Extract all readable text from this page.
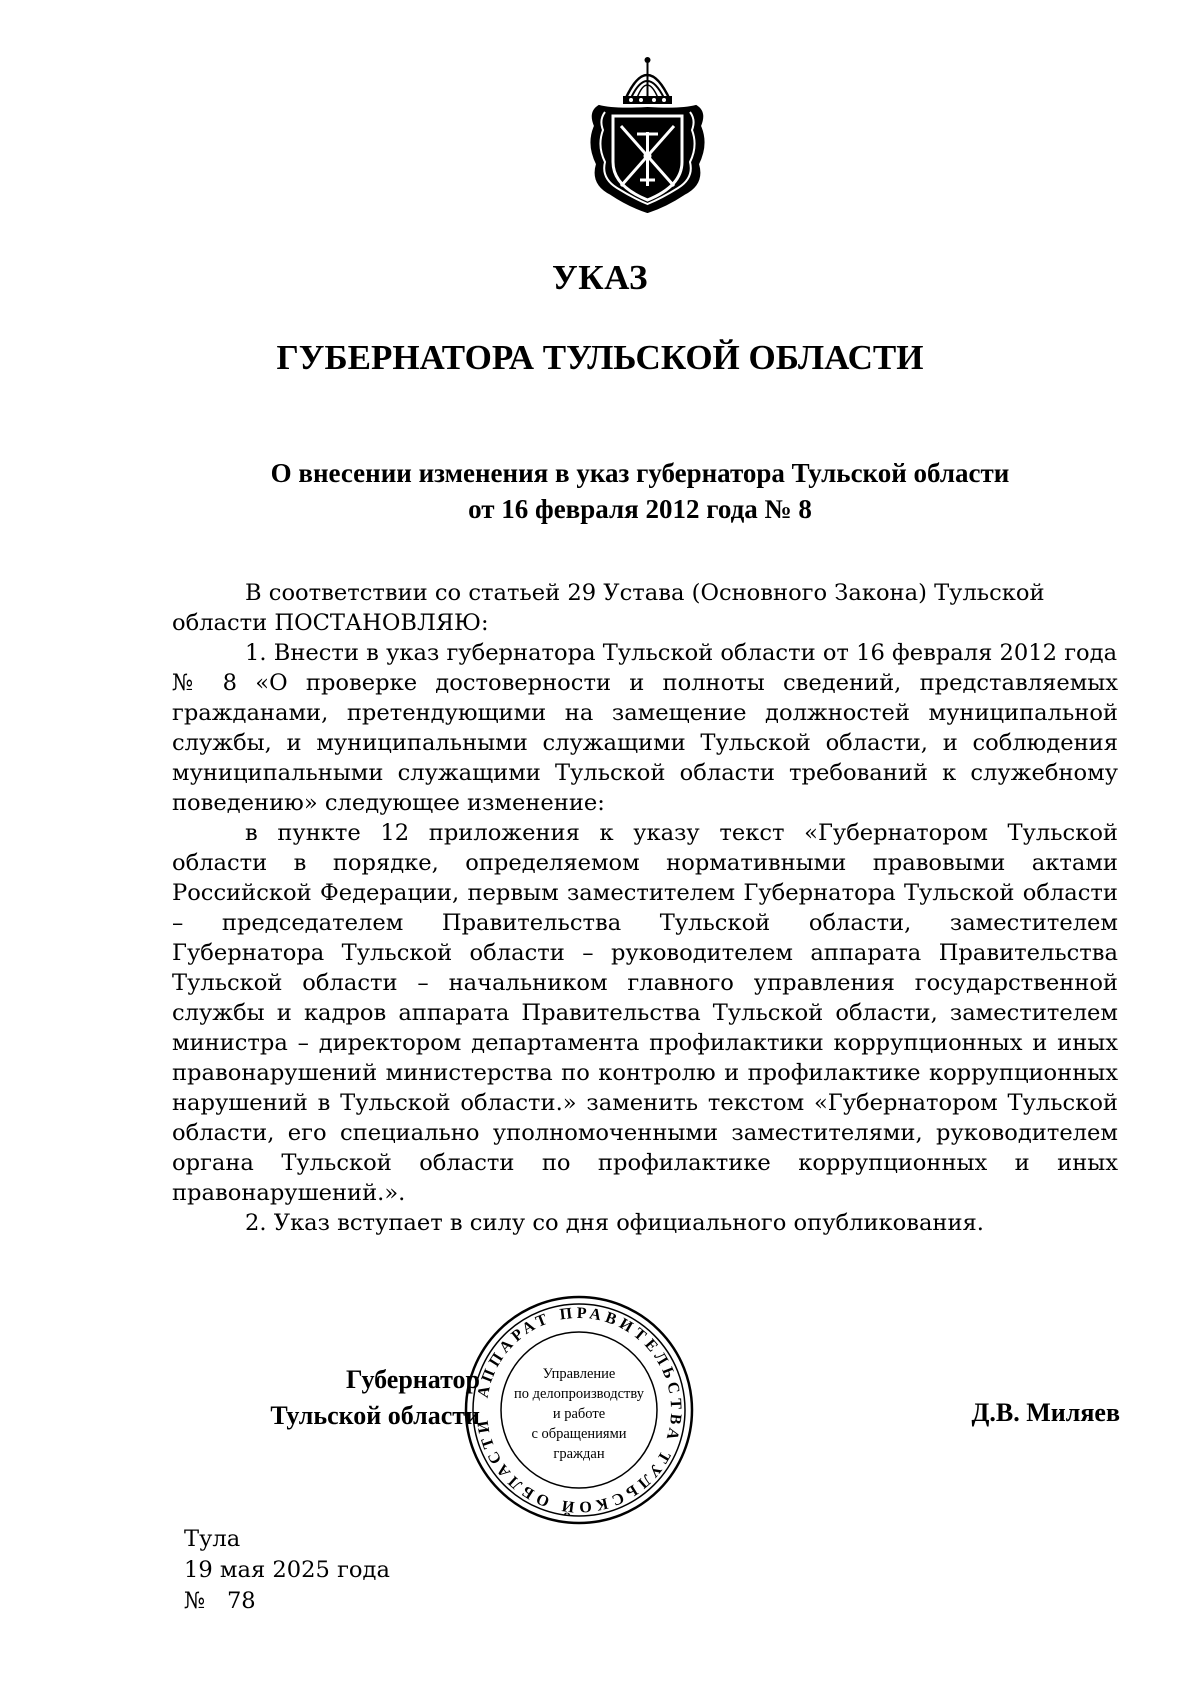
УКАЗ
ГУБЕРНАТОРА ТУЛЬСКОЙ ОБЛАСТИ
О внесении изменения в указ губернатора Тульской области
от 16 февраля 2012 года № 8

В соответствии со статьей 29 Устава (Основного Закона) Тульской

области ПОСТАНОВЛЯЮ:

1. Внести в указ губернатора Тульской области от 16 февраля 2012 года

№ 8 «О проверке достоверности и полноты сведений, представляемых гражданами, претендующими на замещение должностей муниципальной службы, и муниципальными служащими Тульской области, и соблюдения муниципальными служащими Тульской области требований к служебному поведению» следующее изменение:

в пункте 12 приложения к указу текст «Губернатором Тульской области в порядке, определяемом нормативными правовыми актами Российской Федерации, первым заместителем Губернатора Тульской области – председателем Правительства Тульской области, заместителем Губернатора Тульской области – руководителем аппарата Правительства Тульской области – начальником главного управления государственной службы и кадров аппарата Правительства Тульской области, заместителем министра – директором департамента профилактики коррупционных и иных правонарушений министерства по контролю и профилактике коррупционных нарушений в Тульской области.» заменить текстом «Губернатором Тульской области, его специально уполномоченными заместителями, руководителем органа Тульской области по профилактике коррупционных и иных правонарушений.».

2. Указ вступает в силу со дня официального опубликования.

Губернатор
Тульской области
АППАРАТ ПРАВИТЕЛЬСТВА ТУЛЬСКОЙ ОБЛАСТИ
Управление
по делопроизводству
и работе
с обращениями
граждан
Д.В. Миляев
Тула
19 мая 2025 года
№ 78
